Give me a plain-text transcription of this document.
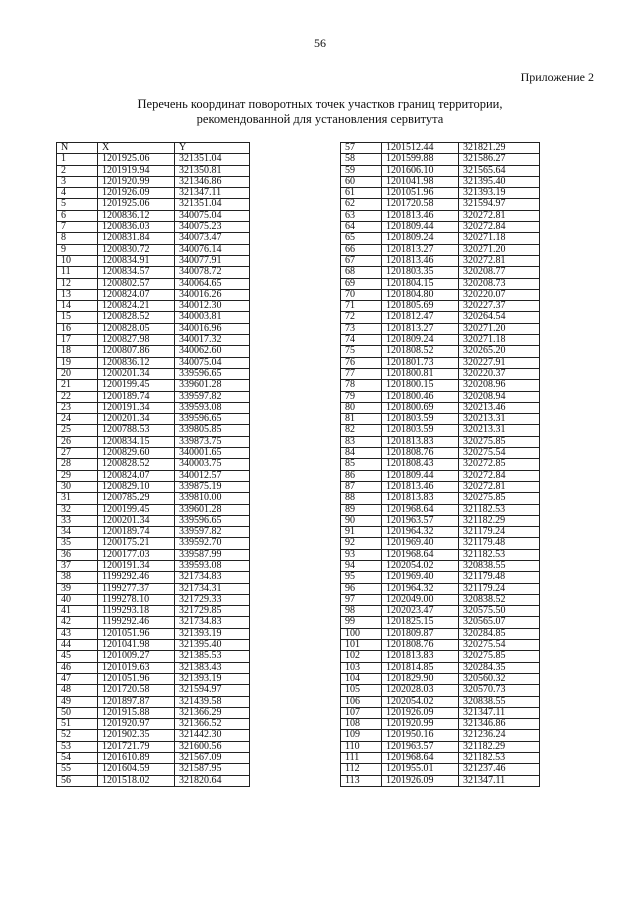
56
Приложение 2
Перечень координат поворотных точек участков границ территории,
рекомендованной для установления сервитута
N	X	Y
1	1201925.06	321351.04
2	1201919.94	321350.81
3	1201920.99	321346.86
4	1201926.09	321347.11
5	1201925.06	321351.04
6	1200836.12	340075.04
7	1200836.03	340075.23
8	1200831.84	340073.47
9	1200830.72	340076.14
10	1200834.91	340077.91
11	1200834.57	340078.72
12	1200802.57	340064.65
13	1200824.07	340016.26
14	1200824.21	340012.30
15	1200828.52	340003.81
16	1200828.05	340016.96
17	1200827.98	340017.32
18	1200807.86	340062.60
19	1200836.12	340075.04
20	1200201.34	339596.65
21	1200199.45	339601.28
22	1200189.74	339597.82
23	1200191.34	339593.08
24	1200201.34	339596.65
25	1200788.53	339805.85
26	1200834.15	339873.75
27	1200829.60	340001.65
28	1200828.52	340003.75
29	1200824.07	340012.57
30	1200829.10	339875.19
31	1200785.29	339810.00
32	1200199.45	339601.28
33	1200201.34	339596.65
34	1200189.74	339597.82
35	1200175.21	339592.70
36	1200177.03	339587.99
37	1200191.34	339593.08
38	1199292.46	321734.83
39	1199277.37	321734.31
40	1199278.10	321729.33
41	1199293.18	321729.85
42	1199292.46	321734.83
43	1201051.96	321393.19
44	1201041.98	321395.40
45	1201009.27	321385.53
46	1201019.63	321383.43
47	1201051.96	321393.19
48	1201720.58	321594.97
49	1201897.87	321439.58
50	1201915.88	321366.29
51	1201920.97	321366.52
52	1201902.35	321442.30
53	1201721.79	321600.56
54	1201610.89	321567.09
55	1201604.59	321587.95
56	1201518.02	321820.64
57	1201512.44	321821.29
58	1201599.88	321586.27
59	1201606.10	321565.64
60	1201041.98	321395.40
61	1201051.96	321393.19
62	1201720.58	321594.97
63	1201813.46	320272.81
64	1201809.44	320272.84
65	1201809.24	320271.18
66	1201813.27	320271.20
67	1201813.46	320272.81
68	1201803.35	320208.77
69	1201804.15	320208.73
70	1201804.80	320220.07
71	1201805.69	320227.37
72	1201812.47	320264.54
73	1201813.27	320271.20
74	1201809.24	320271.18
75	1201808.52	320265.20
76	1201801.73	320227.91
77	1201800.81	320220.37
78	1201800.15	320208.96
79	1201800.46	320208.94
80	1201800.69	320213.46
81	1201803.59	320213.31
82	1201803.59	320213.31
83	1201813.83	320275.85
84	1201808.76	320275.54
85	1201808.43	320272.85
86	1201809.44	320272.84
87	1201813.46	320272.81
88	1201813.83	320275.85
89	1201968.64	321182.53
90	1201963.57	321182.29
91	1201964.32	321179.24
92	1201969.40	321179.48
93	1201968.64	321182.53
94	1202054.02	320838.55
95	1201969.40	321179.48
96	1201964.32	321179.24
97	1202049.00	320838.52
98	1202023.47	320575.50
99	1201825.15	320565.07
100	1201809.87	320284.85
101	1201808.76	320275.54
102	1201813.83	320275.85
103	1201814.85	320284.35
104	1201829.90	320560.32
105	1202028.03	320570.73
106	1202054.02	320838.55
107	1201926.09	321347.11
108	1201920.99	321346.86
109	1201950.16	321236.24
110	1201963.57	321182.29
111	1201968.64	321182.53
112	1201955.01	321237.46
113	1201926.09	321347.11
